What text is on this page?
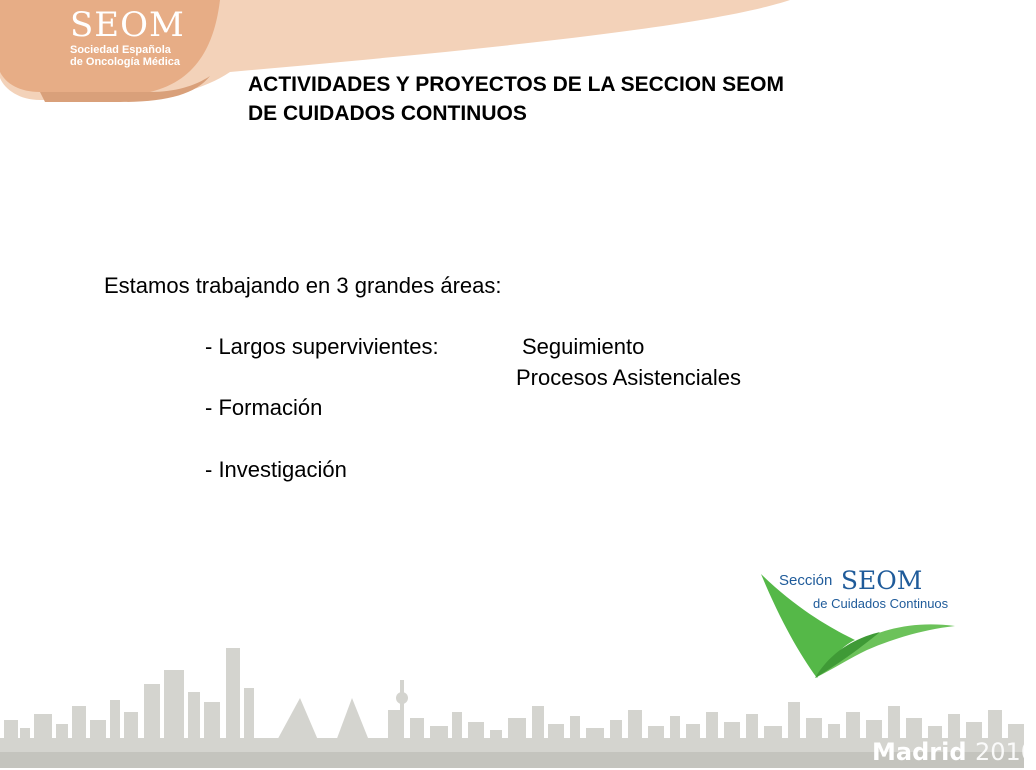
SEOM
Sociedad Española
de Oncología Médica
ACTIVIDADES Y PROYECTOS DE LA SECCION SEOM
DE CUIDADOS CONTINUOS
Estamos trabajando en 3 grandes áreas:
- Largos supervivientes:	Seguimiento
Procesos Asistenciales
- Formación
- Investigación
Sección SEOM
de Cuidados Continuos
Madrid 2010
